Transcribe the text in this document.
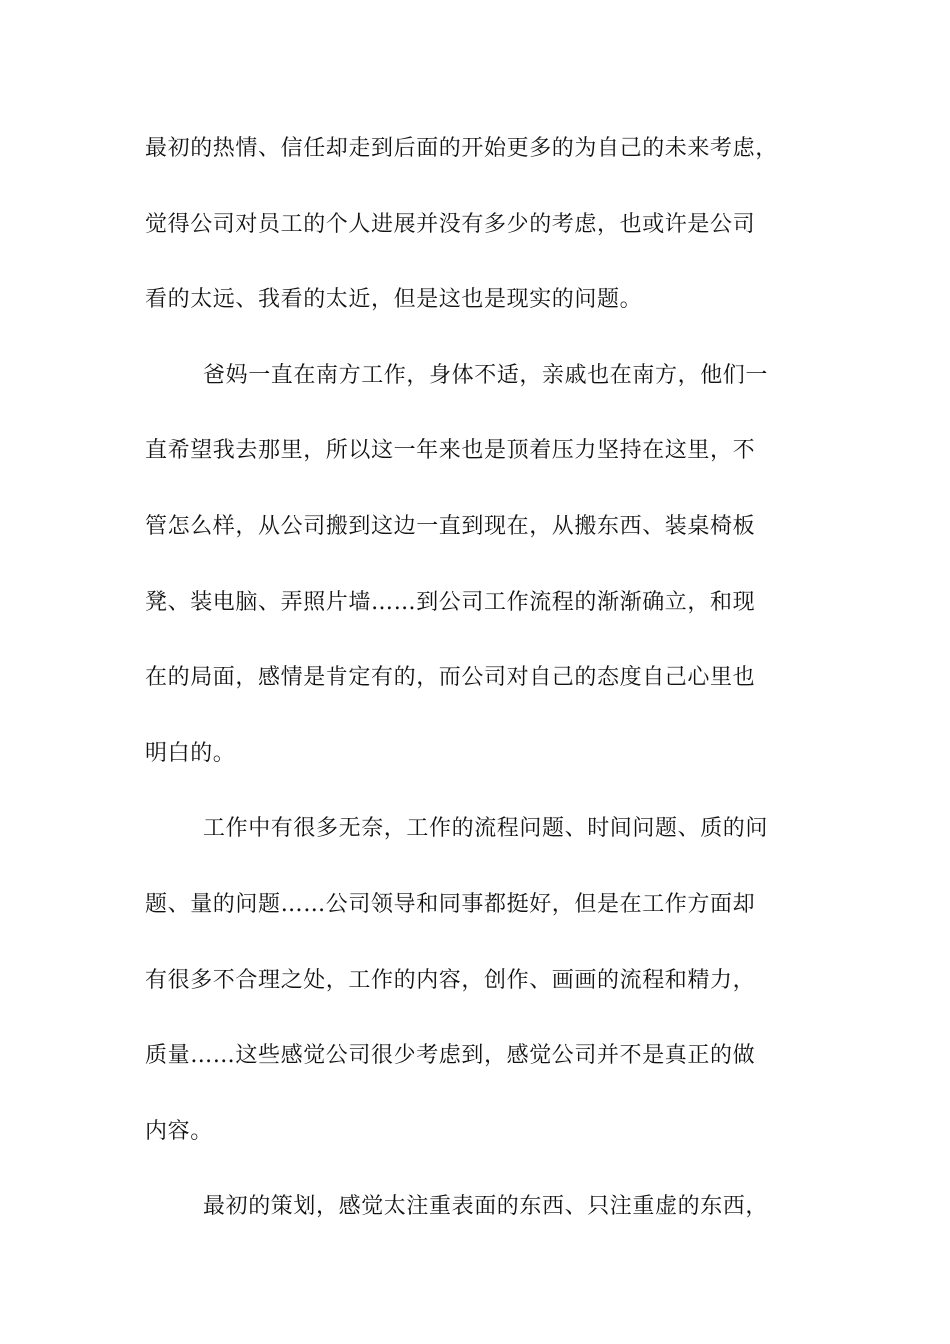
最初的热情、信任却走到后面的开始更多的为自己的未来考虑，
觉得公司对员工的个人进展并没有多少的考虑，也或许是公司
看的太远、我看的太近，但是这也是现实的问题。
爸妈一直在南方工作，身体不适，亲戚也在南方，他们一
直希望我去那里，所以这一年来也是顶着压力坚持在这里，不
管怎么样，从公司搬到这边一直到现在，从搬东西、装桌椅板
凳、装电脑、弄照片墙……到公司工作流程的渐渐确立，和现
在的局面，感情是肯定有的，而公司对自己的态度自己心里也
明白的。
工作中有很多无奈，工作的流程问题、时间问题、质的问
题、量的问题……公司领导和同事都挺好，但是在工作方面却
有很多不合理之处，工作的内容，创作、画画的流程和精力，
质量……这些感觉公司很少考虑到，感觉公司并不是真正的做
内容。
最初的策划，感觉太注重表面的东西、只注重虚的东西，
